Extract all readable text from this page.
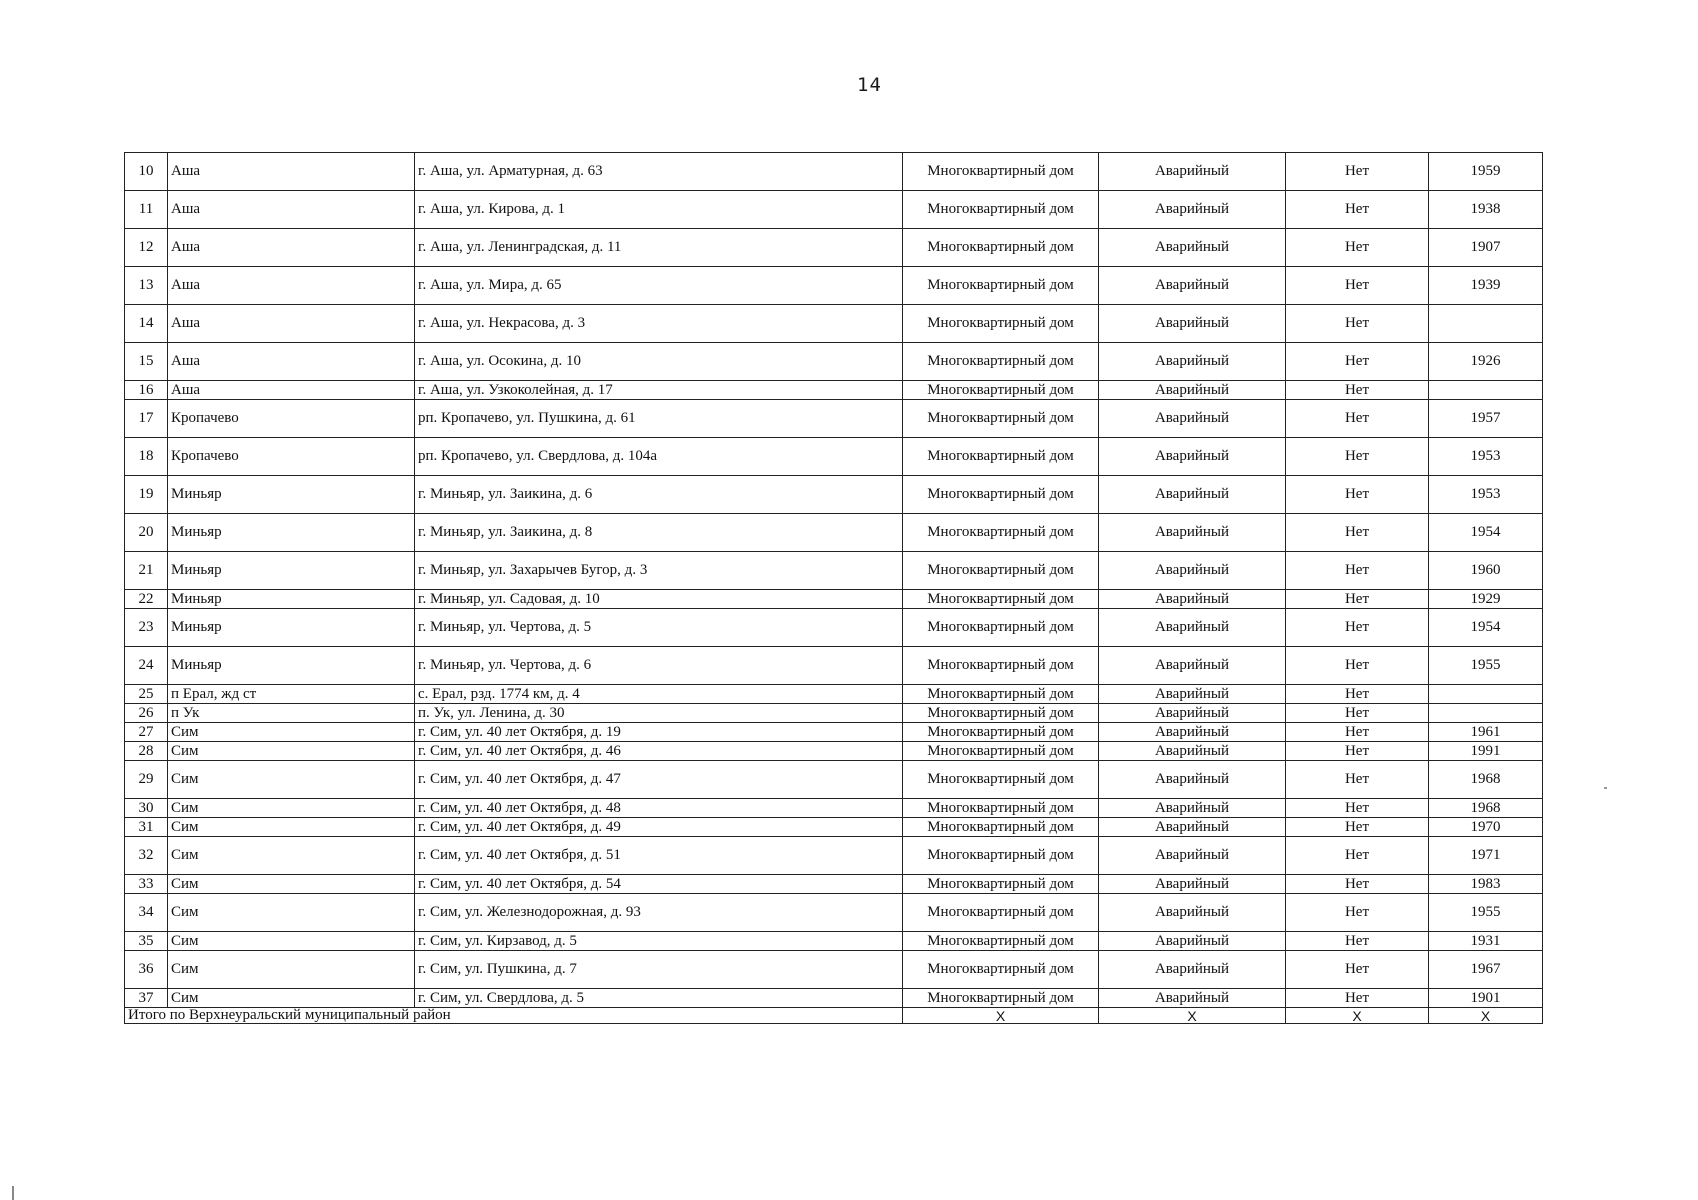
14
10	Аша	г. Аша, ул. Арматурная, д. 63	Многоквартирный дом	Аварийный	Нет	1959
11	Аша	г. Аша, ул. Кирова, д. 1	Многоквартирный дом	Аварийный	Нет	1938
12	Аша	г. Аша, ул. Ленинградская, д. 11	Многоквартирный дом	Аварийный	Нет	1907
13	Аша	г. Аша, ул. Мира, д. 65	Многоквартирный дом	Аварийный	Нет	1939
14	Аша	г. Аша, ул. Некрасова, д. 3	Многоквартирный дом	Аварийный	Нет	
15	Аша	г. Аша, ул. Осокина, д. 10	Многоквартирный дом	Аварийный	Нет	1926
16	Аша	г. Аша, ул. Узкоколейная, д. 17	Многоквартирный дом	Аварийный	Нет	
17	Кропачево	рп. Кропачево, ул. Пушкина, д. 61	Многоквартирный дом	Аварийный	Нет	1957
18	Кропачево	рп. Кропачево, ул. Свердлова, д. 104а	Многоквартирный дом	Аварийный	Нет	1953
19	Миньяр	г. Миньяр, ул. Заикина, д. 6	Многоквартирный дом	Аварийный	Нет	1953
20	Миньяр	г. Миньяр, ул. Заикина, д. 8	Многоквартирный дом	Аварийный	Нет	1954
21	Миньяр	г. Миньяр, ул. Захарычев Бугор, д. 3	Многоквартирный дом	Аварийный	Нет	1960
22	Миньяр	г. Миньяр, ул. Садовая, д. 10	Многоквартирный дом	Аварийный	Нет	1929
23	Миньяр	г. Миньяр, ул. Чертова, д. 5	Многоквартирный дом	Аварийный	Нет	1954
24	Миньяр	г. Миньяр, ул. Чертова, д. 6	Многоквартирный дом	Аварийный	Нет	1955
25	п Ерал, жд ст	с. Ерал, рзд. 1774 км, д. 4	Многоквартирный дом	Аварийный	Нет	
26	п Ук	п. Ук, ул. Ленина, д. 30	Многоквартирный дом	Аварийный	Нет	
27	Сим	г. Сим, ул. 40 лет Октября, д. 19	Многоквартирный дом	Аварийный	Нет	1961
28	Сим	г. Сим, ул. 40 лет Октября, д. 46	Многоквартирный дом	Аварийный	Нет	1991
29	Сим	г. Сим, ул. 40 лет Октября, д. 47	Многоквартирный дом	Аварийный	Нет	1968
30	Сим	г. Сим, ул. 40 лет Октября, д. 48	Многоквартирный дом	Аварийный	Нет	1968
31	Сим	г. Сим, ул. 40 лет Октября, д. 49	Многоквартирный дом	Аварийный	Нет	1970
32	Сим	г. Сим, ул. 40 лет Октября, д. 51	Многоквартирный дом	Аварийный	Нет	1971
33	Сим	г. Сим, ул. 40 лет Октября, д. 54	Многоквартирный дом	Аварийный	Нет	1983
34	Сим	г. Сим, ул. Железнодорожная, д. 93	Многоквартирный дом	Аварийный	Нет	1955
35	Сим	г. Сим, ул. Кирзавод, д. 5	Многоквартирный дом	Аварийный	Нет	1931
36	Сим	г. Сим, ул. Пушкина, д. 7	Многоквартирный дом	Аварийный	Нет	1967
37	Сим	г. Сим, ул. Свердлова, д. 5	Многоквартирный дом	Аварийный	Нет	1901
Итого по Верхнеуральский муниципальный район			X	X	X	X
